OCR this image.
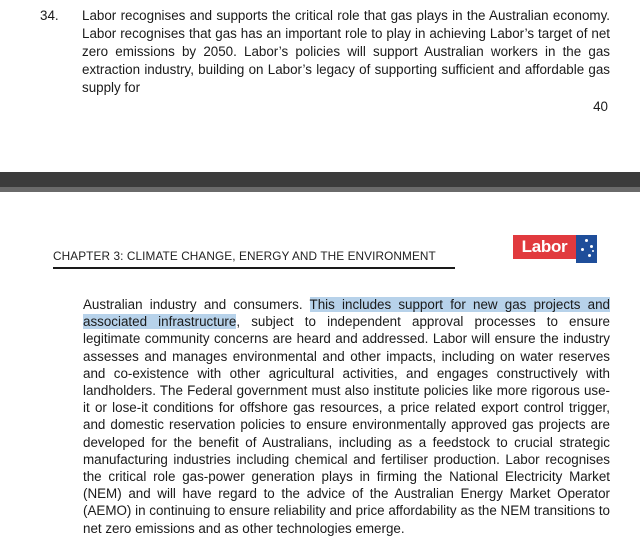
34. Labor recognises and supports the critical role that gas plays in the Australian economy. Labor recognises that gas has an important role to play in achieving Labor’s target of net zero emissions by 2050. Labor’s policies will support Australian workers in the gas extraction industry, building on Labor’s legacy of supporting sufficient and affordable gas supply for
40
CHAPTER 3: CLIMATE CHANGE, ENERGY AND THE ENVIRONMENT	Labor
Australian industry and consumers. This includes support for new gas projects and associated infrastructure, subject to independent approval processes to ensure legitimate community concerns are heard and addressed. Labor will ensure the industry assesses and manages environmental and other impacts, including on water reserves and co-existence with other agricultural activities, and engages constructively with landholders. The Federal government must also institute policies like more rigorous use-it or lose-it conditions for offshore gas resources, a price related export control trigger, and domestic reservation policies to ensure environmentally approved gas projects are developed for the benefit of Australians, including as a feedstock to crucial strategic manufacturing industries including chemical and fertiliser production. Labor recognises the critical role gas-power generation plays in firming the National Electricity Market (NEM) and will have regard to the advice of the Australian Energy Market Operator (AEMO) in continuing to ensure reliability and price affordability as the NEM transitions to net zero emissions and as other technologies emerge.
